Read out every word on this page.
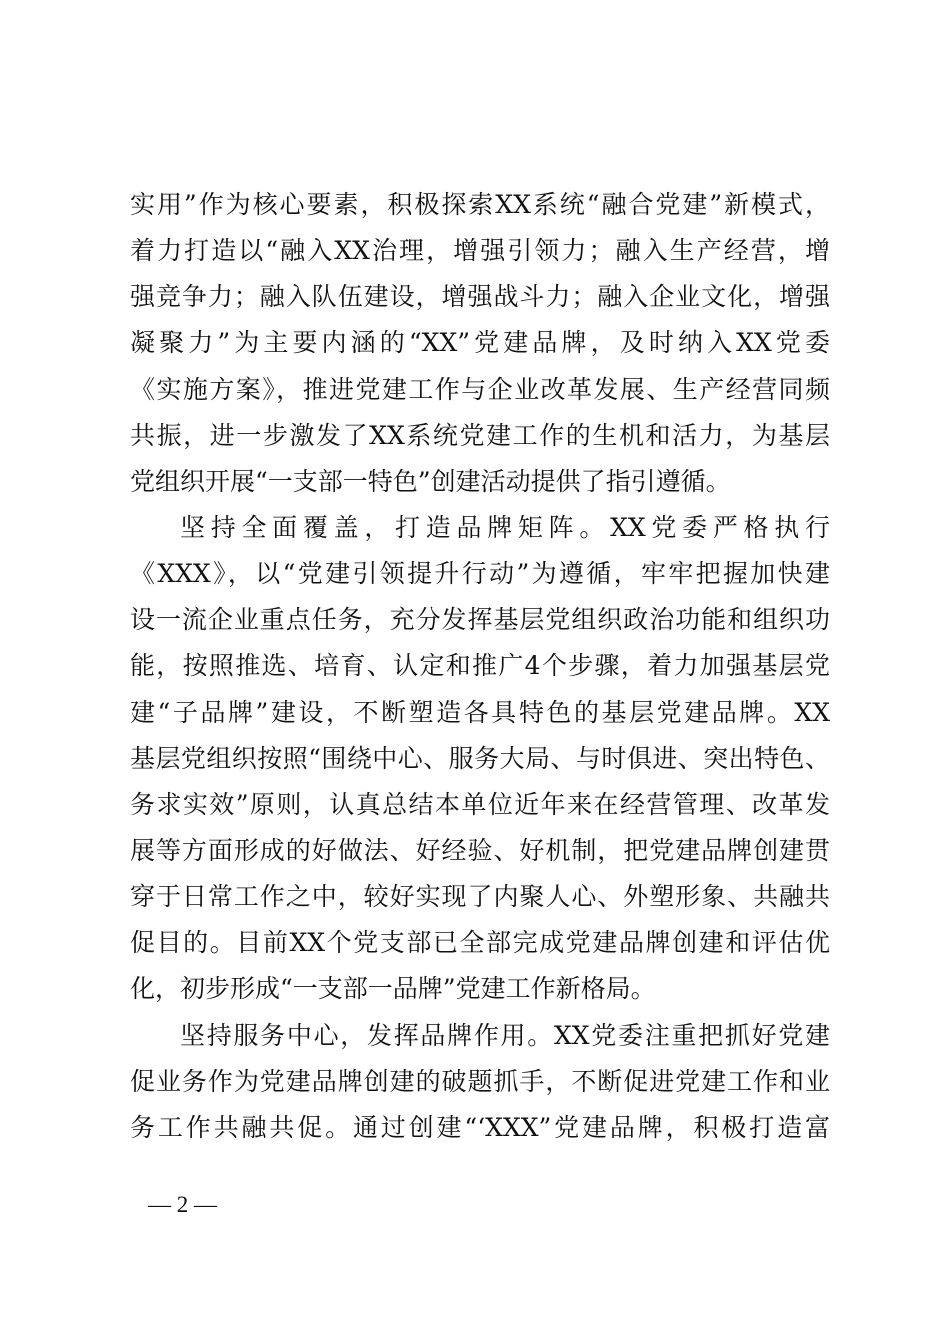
实用”作为核心要素，积极探索XX系统“融合党建”新模式，
着力打造以“融入XX治理，增强引领力；融入生产经营，增
强竞争力；融入队伍建设，增强战斗力；融入企业文化，增强
凝聚力”为主要内涵的“XX”党建品牌，及时纳入XX党委
《实施方案》，推进党建工作与企业改革发展、生产经营同频
共振，进一步激发了XX系统党建工作的生机和活力，为基层
党组织开展“一支部一特色”创建活动提供了指引遵循。
坚持全面覆盖，打造品牌矩阵。XX党委严格执行
《XXX》，以“党建引领提升行动”为遵循，牢牢把握加快建
设一流企业重点任务，充分发挥基层党组织政治功能和组织功
能，按照推选、培育、认定和推广4个步骤，着力加强基层党
建“子品牌”建设，不断塑造各具特色的基层党建品牌。XX
基层党组织按照“围绕中心、服务大局、与时俱进、突出特色、
务求实效”原则，认真总结本单位近年来在经营管理、改革发
展等方面形成的好做法、好经验、好机制，把党建品牌创建贯
穿于日常工作之中，较好实现了内聚人心、外塑形象、共融共
促目的。目前XX个党支部已全部完成党建品牌创建和评估优
化，初步形成“一支部一品牌”党建工作新格局。
坚持服务中心，发挥品牌作用。XX党委注重把抓好党建
促业务作为党建品牌创建的破题抓手，不断促进党建工作和业
务工作共融共促。通过创建“‘XXX”党建品牌，积极打造富
— 2 —
